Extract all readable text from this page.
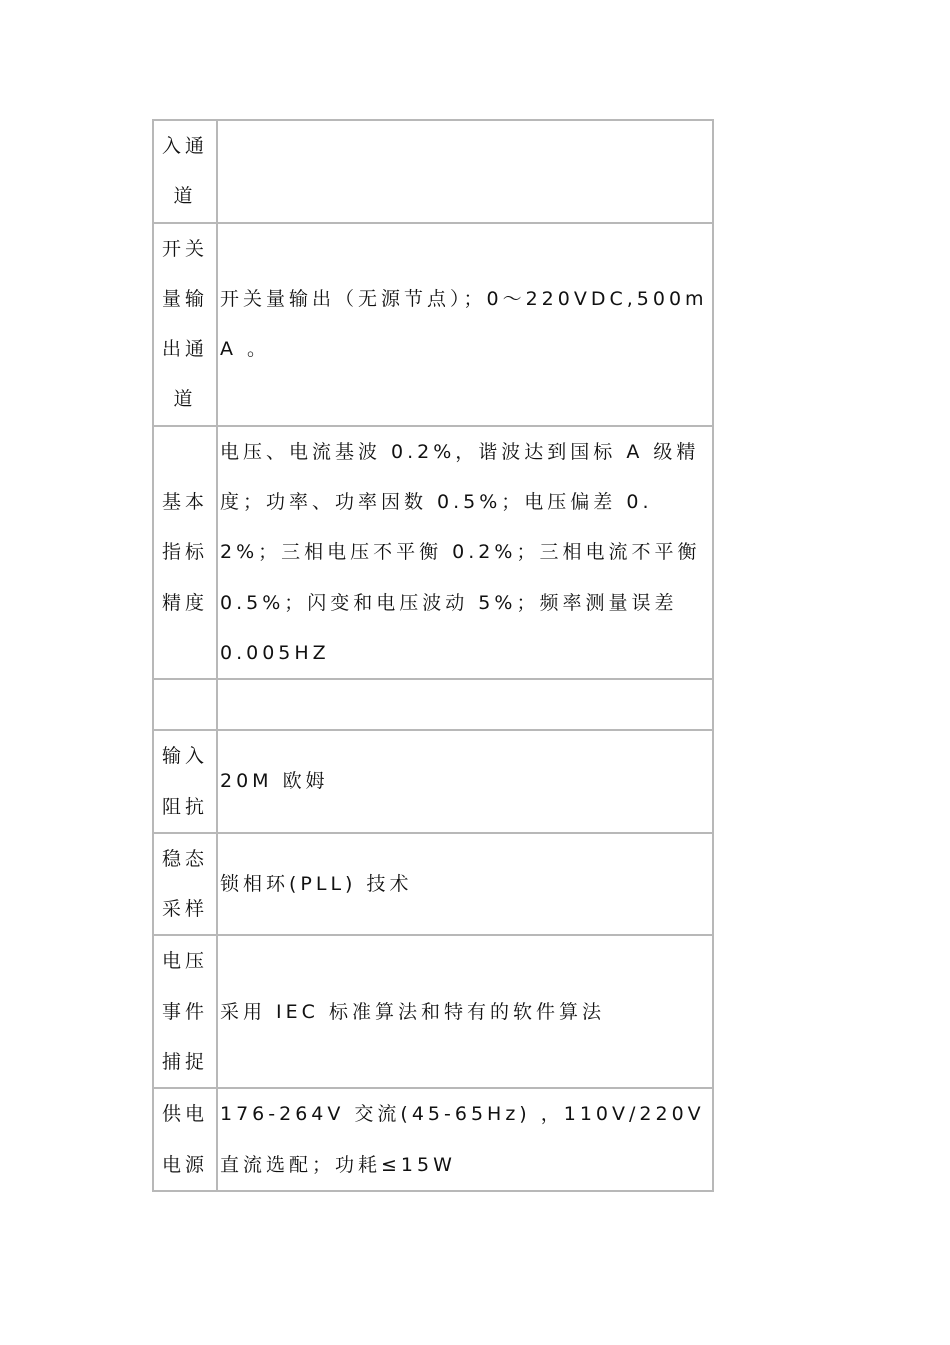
入通道	
开关量输出通道	开关量输出（无源节点）；0～220VDC,500mA 。
基本指标精度	电压、电流基波 0.2%，谐波达到国标 A 级精度；功率、功率因数 0.5%；电压偏差 0.2%；三相电压不平衡 0.2%；三相电流不平衡 0.5%；闪变和电压波动 5%；频率测量误差 0.005HZ

输入阻抗	20M 欧姆
稳态采样	锁相环(PLL) 技术
电压事件捕捉	采用 IEC 标准算法和特有的软件算法
供电电源	176-264V 交流(45-65Hz) ，110V/220V 直流选配；功耗≤15W
